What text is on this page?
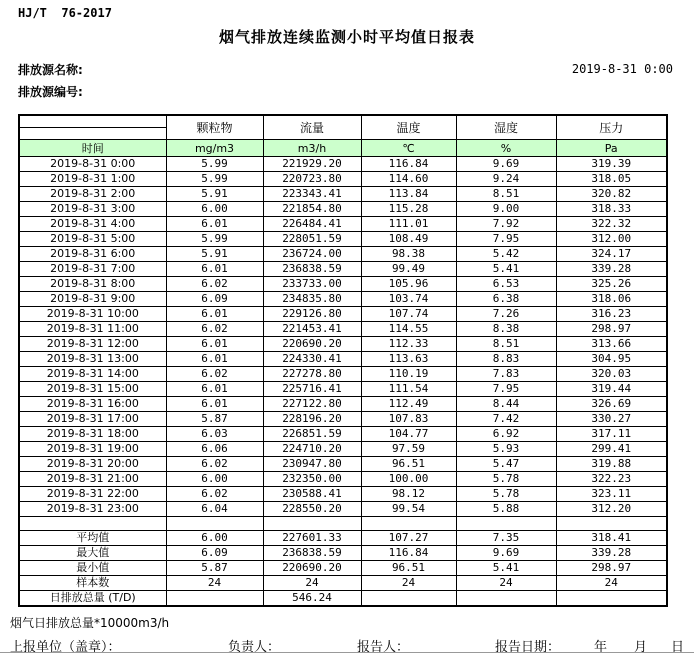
HJ/T  76-2017
烟气排放连续监测小时平均值日报表
排放源名称:
排放源编号:
2019-8-31 0:00
	颗粒物	流量	温度	湿度	压力

时间	mg/m3	m3/h	℃	%	Pa
2019-8-31 0:00	5.99	221929.20	116.84	9.69	319.39
2019-8-31 1:00	5.99	220723.80	114.60	9.24	318.05
2019-8-31 2:00	5.91	223343.41	113.84	8.51	320.82
2019-8-31 3:00	6.00	221854.80	115.28	9.00	318.33
2019-8-31 4:00	6.01	226484.41	111.01	7.92	322.32
2019-8-31 5:00	5.99	228051.59	108.49	7.95	312.00
2019-8-31 6:00	5.91	236724.00	98.38	5.42	324.17
2019-8-31 7:00	6.01	236838.59	99.49	5.41	339.28
2019-8-31 8:00	6.02	233733.00	105.96	6.53	325.26
2019-8-31 9:00	6.09	234835.80	103.74	6.38	318.06
2019-8-31 10:00	6.01	229126.80	107.74	7.26	316.23
2019-8-31 11:00	6.02	221453.41	114.55	8.38	298.97
2019-8-31 12:00	6.01	220690.20	112.33	8.51	313.66
2019-8-31 13:00	6.01	224330.41	113.63	8.83	304.95
2019-8-31 14:00	6.02	227278.80	110.19	7.83	320.03
2019-8-31 15:00	6.01	225716.41	111.54	7.95	319.44
2019-8-31 16:00	6.01	227122.80	112.49	8.44	326.69
2019-8-31 17:00	5.87	228196.20	107.83	7.42	330.27
2019-8-31 18:00	6.03	226851.59	104.77	6.92	317.11
2019-8-31 19:00	6.06	224710.20	97.59	5.93	299.41
2019-8-31 20:00	6.02	230947.80	96.51	5.47	319.88
2019-8-31 21:00	6.00	232350.00	100.00	5.78	322.23
2019-8-31 22:00	6.02	230588.41	98.12	5.78	323.11
2019-8-31 23:00	6.04	228550.20	99.54	5.88	312.20

平均值	6.00	227601.33	107.27	7.35	318.41
最大值	6.09	236838.59	116.84	9.69	339.28
最小值	5.87	220690.20	96.51	5.41	298.97
样本数	24	24	24	24	24
日排放总量 (T/D)		546.24			
烟气日排放总量*10000m3/h
上报单位（盖章）：	负责人：	报告人：	报告日期：	年 月 日
